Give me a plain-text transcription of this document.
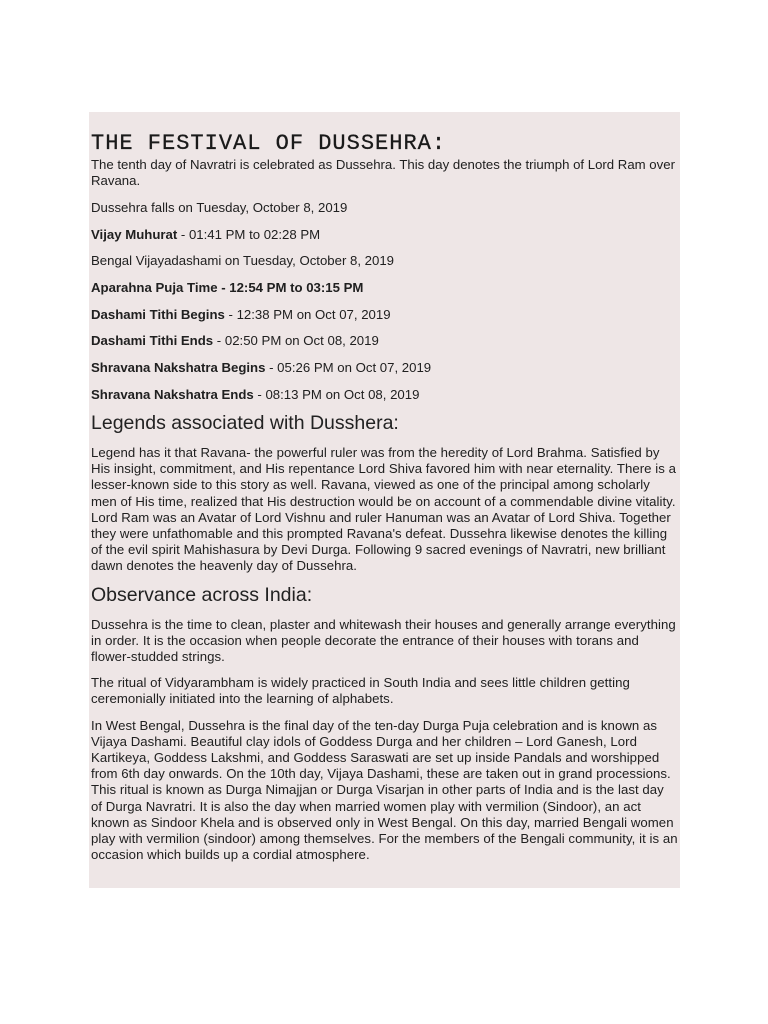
THE FESTIVAL OF DUSSEHRA:

The tenth day of Navratri is celebrated as Dussehra. This day denotes the triumph of Lord Ram over Ravana.

Dussehra falls on Tuesday, October 8, 2019

Vijay Muhurat - 01:41 PM to 02:28 PM

Bengal Vijayadashami on Tuesday, October 8, 2019

Aparahna Puja Time - 12:54 PM to 03:15 PM

Dashami Tithi Begins - 12:38 PM on Oct 07, 2019

Dashami Tithi Ends - 02:50 PM on Oct 08, 2019

Shravana Nakshatra Begins - 05:26 PM on Oct 07, 2019

Shravana Nakshatra Ends - 08:13 PM on Oct 08, 2019

Legends associated with Dusshera:

Legend has it that Ravana- the powerful ruler was from the heredity of Lord Brahma. Satisfied by His insight, commitment, and His repentance Lord Shiva favored him with near eternality. There is a lesser-known side to this story as well. Ravana, viewed as one of the principal among scholarly men of His time, realized that His destruction would be on account of a commendable divine vitality. Lord Ram was an Avatar of Lord Vishnu and ruler Hanuman was an Avatar of Lord Shiva. Together they were unfathomable and this prompted Ravana's defeat. Dussehra likewise denotes the killing of the evil spirit Mahishasura by Devi Durga. Following 9 sacred evenings of Navratri, new brilliant dawn denotes the heavenly day of Dussehra.

Observance across India:

Dussehra is the time to clean, plaster and whitewash their houses and generally arrange everything in order. It is the occasion when people decorate the entrance of their houses with torans and flower-studded strings.

The ritual of Vidyarambham is widely practiced in South India and sees little children getting ceremonially initiated into the learning of alphabets.

In West Bengal, Dussehra is the final day of the ten-day Durga Puja celebration and is known as Vijaya Dashami. Beautiful clay idols of Goddess Durga and her children – Lord Ganesh, Lord Kartikeya, Goddess Lakshmi, and Goddess Saraswati are set up inside Pandals and worshipped from 6th day onwards. On the 10th day, Vijaya Dashami, these are taken out in grand processions. This ritual is known as Durga Nimajjan or Durga Visarjan in other parts of India and is the last day of Durga Navratri. It is also the day when married women play with vermilion (Sindoor), an act known as Sindoor Khela and is observed only in West Bengal. On this day, married Bengali women play with vermilion (sindoor) among themselves. For the members of the Bengali community, it is an occasion which builds up a cordial atmosphere.
